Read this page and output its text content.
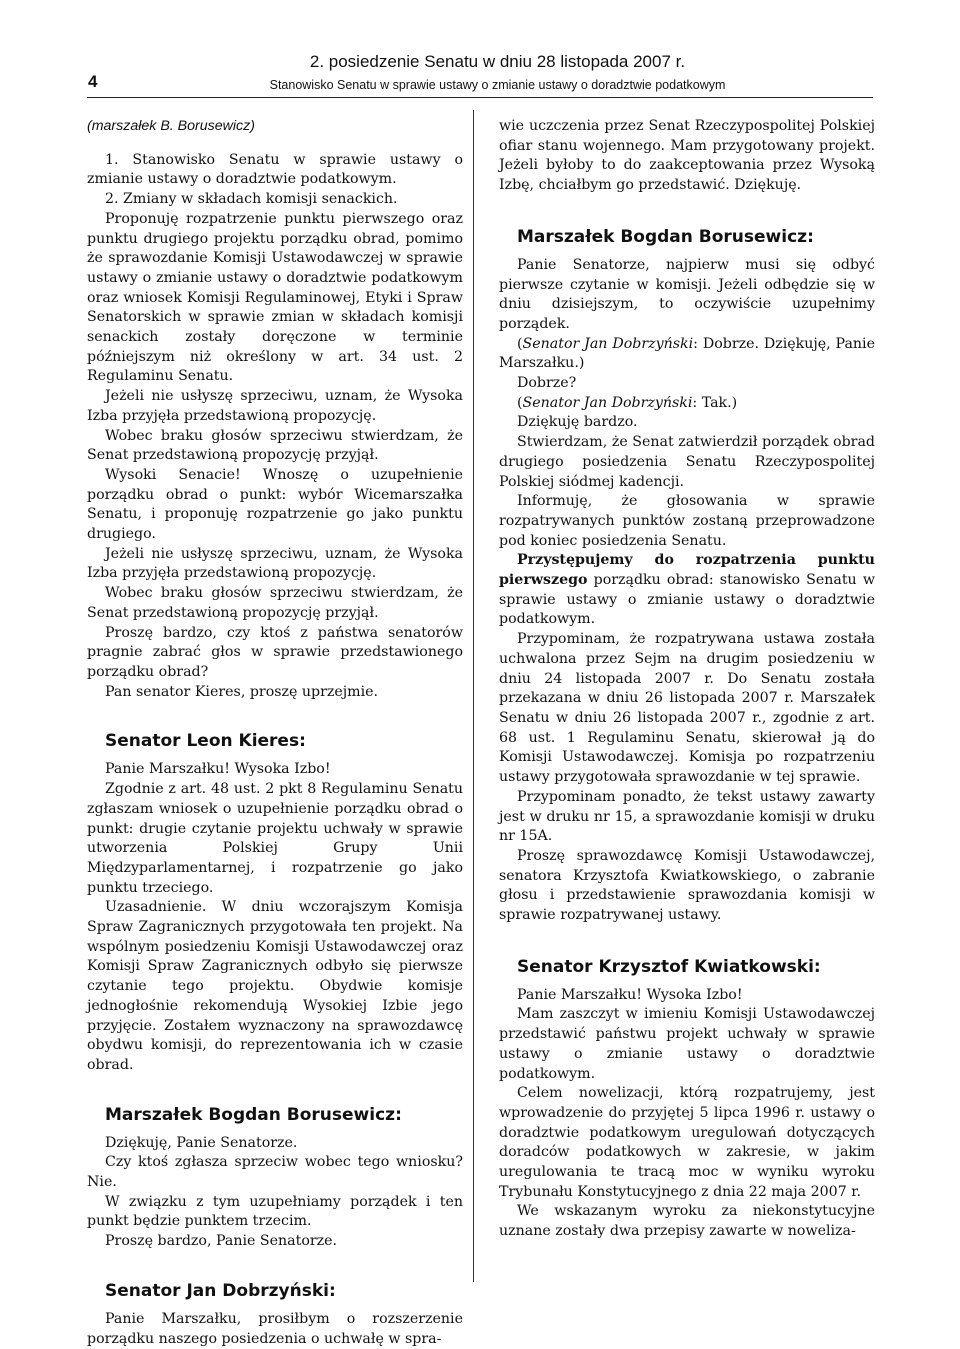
4
2. posiedzenie Senatu w dniu 28 listopada 2007 r.
Stanowisko Senatu w sprawie ustawy o zmianie ustawy o doradztwie podatkowym

(marszałek B. Borusewicz)

1. Stanowisko Senatu w sprawie ustawy o zmianie ustawy o doradztwie podatkowym.

2. Zmiany w składach komisji senackich.

Proponuję rozpatrzenie punktu pierwszego oraz punktu drugiego projektu porządku obrad, pomimo że sprawozdanie Komisji Ustawodawczej w sprawie ustawy o zmianie ustawy o doradztwie podatkowym oraz wniosek Komisji Regulaminowej, Etyki i Spraw Senatorskich w sprawie zmian w składach komisji senackich zostały doręczone w terminie późniejszym niż określony w art. 34 ust. 2 Regulaminu Senatu.

Jeżeli nie usłyszę sprzeciwu, uznam, że Wysoka Izba przyjęła przedstawioną propozycję.

Wobec braku głosów sprzeciwu stwierdzam, że Senat przedstawioną propozycję przyjął.

Wysoki Senacie! Wnoszę o uzupełnienie porządku obrad o punkt: wybór Wicemarszałka Senatu, i proponuję rozpatrzenie go jako punktu drugiego.

Jeżeli nie usłyszę sprzeciwu, uznam, że Wysoka Izba przyjęła przedstawioną propozycję.

Wobec braku głosów sprzeciwu stwierdzam, że Senat przedstawioną propozycję przyjął.

Proszę bardzo, czy ktoś z państwa senatorów pragnie zabrać głos w sprawie przedstawionego porządku obrad?

Pan senator Kieres, proszę uprzejmie.

Senator Leon Kieres:

Panie Marszałku! Wysoka Izbo!

Zgodnie z art. 48 ust. 2 pkt 8 Regulaminu Senatu zgłaszam wniosek o uzupełnienie porządku obrad o punkt: drugie czytanie projektu uchwały w sprawie utworzenia Polskiej Grupy Unii Międzyparlamentarnej, i rozpatrzenie go jako punktu trzeciego.

Uzasadnienie. W dniu wczorajszym Komisja Spraw Zagranicznych przygotowała ten projekt. Na wspólnym posiedzeniu Komisji Ustawodawczej oraz Komisji Spraw Zagranicznych odbyło się pierwsze czytanie tego projektu. Obydwie komisje jednogłośnie rekomendują Wysokiej Izbie jego przyjęcie. Zostałem wyznaczony na sprawozdawcę obydwu komisji, do reprezentowania ich w czasie obrad.

Marszałek Bogdan Borusewicz:

Dziękuję, Panie Senatorze.

Czy ktoś zgłasza sprzeciw wobec tego wniosku? Nie.

W związku z tym uzupełniamy porządek i ten punkt będzie punktem trzecim.

Proszę bardzo, Panie Senatorze.

Senator Jan Dobrzyński:

Panie Marszałku, prosiłbym o rozszerzenie porządku naszego posiedzenia o uchwałę w spra-

wie uczczenia przez Senat Rzeczypospolitej Polskiej ofiar stanu wojennego. Mam przygotowany projekt. Jeżeli byłoby to do zaakceptowania przez Wysoką Izbę, chciałbym go przedstawić. Dziękuję.

Marszałek Bogdan Borusewicz:

Panie Senatorze, najpierw musi się odbyć pierwsze czytanie w komisji. Jeżeli odbędzie się w dniu dzisiejszym, to oczywiście uzupełnimy porządek.

(Senator Jan Dobrzyński: Dobrze. Dziękuję, Panie Marszałku.)

Dobrze?

(Senator Jan Dobrzyński: Tak.)

Dziękuję bardzo.

Stwierdzam, że Senat zatwierdził porządek obrad drugiego posiedzenia Senatu Rzeczypospolitej Polskiej siódmej kadencji.

Informuję, że głosowania w sprawie rozpatrywanych punktów zostaną przeprowadzone pod koniec posiedzenia Senatu.

Przystępujemy do rozpatrzenia punktu pierwszego porządku obrad: stanowisko Senatu w sprawie ustawy o zmianie ustawy o doradztwie podatkowym.

Przypominam, że rozpatrywana ustawa została uchwalona przez Sejm na drugim posiedzeniu w dniu 24 listopada 2007 r. Do Senatu została przekazana w dniu 26 listopada 2007 r. Marszałek Senatu w dniu 26 listopada 2007 r., zgodnie z art. 68 ust. 1 Regulaminu Senatu, skierował ją do Komisji Ustawodawczej. Komisja po rozpatrzeniu ustawy przygotowała sprawozdanie w tej sprawie.

Przypominam ponadto, że tekst ustawy zawarty jest w druku nr 15, a sprawozdanie komisji w druku nr 15A.

Proszę sprawozdawcę Komisji Ustawodawczej, senatora Krzysztofa Kwiatkowskiego, o zabranie głosu i przedstawienie sprawozdania komisji w sprawie rozpatrywanej ustawy.

Senator Krzysztof Kwiatkowski:

Panie Marszałku! Wysoka Izbo!

Mam zaszczyt w imieniu Komisji Ustawodawczej przedstawić państwu projekt uchwały w sprawie ustawy o zmianie ustawy o doradztwie podatkowym.

Celem nowelizacji, którą rozpatrujemy, jest wprowadzenie do przyjętej 5 lipca 1996 r. ustawy o doradztwie podatkowym uregulowań dotyczących doradców podatkowych w zakresie, w jakim uregulowania te tracą moc w wyniku wyroku Trybunału Konstytucyjnego z dnia 22 maja 2007 r.

We wskazanym wyroku za niekonstytucyjne uznane zostały dwa przepisy zawarte w noweliza-
